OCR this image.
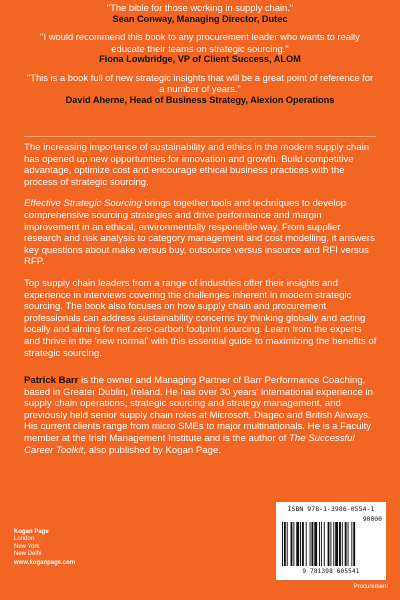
"The bible for those working in supply chain."
Sean Conway, Managing Director, Dutec
"I would recommend this book to any procurement leader who wants to really educate their teams on strategic sourcing."
Fiona Lowbridge, VP of Client Success, ALOM
"This is a book full of new strategic insights that will be a great point of reference for a number of years."
David Aherne, Head of Business Strategy, Alexion Operations

The increasing importance of sustainability and ethics in the modern supply chain has opened up new opportunities for innovation and growth. Build competitive advantage, optimize cost and encourage ethical business practices with the process of strategic sourcing.

Effective Strategic Sourcing brings together tools and techniques to develop comprehensive sourcing strategies and drive performance and margin improvement in an ethical, environmentally responsible way. From supplier research and risk analysis to category management and cost modelling, it answers key questions about make versus buy, outsource versus insource and RFI versus RFP.

Top supply chain leaders from a range of industries offer their insights and experience in interviews covering the challenges inherent in modern strategic sourcing. The book also focuses on how supply chain and procurement professionals can address sustainability concerns by thinking globally and acting locally and aiming for net zero carbon footprint sourcing. Learn from the experts and thrive in the 'new normal' with this essential guide to maximizing the benefits of strategic sourcing.

Patrick Barr is the owner and Managing Partner of Barr Performance Coaching, based in Greater Dublin, Ireland. He has over 30 years' international experience in supply chain operations, strategic sourcing and strategy management, and previously held senior supply chain roles at Microsoft, Diageo and British Airways. His current clients range from micro SMEs to major multinationals. He is a Faculty member at the Irish Management Institute and is the author of The Successful Career Toolkit, also published by Kogan Page.

Kogan Page
London
New York
New Delhi
www.koganpage.com
ISBN 978-1-3986-0554-1
90000
9 781398 605541
Procurement
